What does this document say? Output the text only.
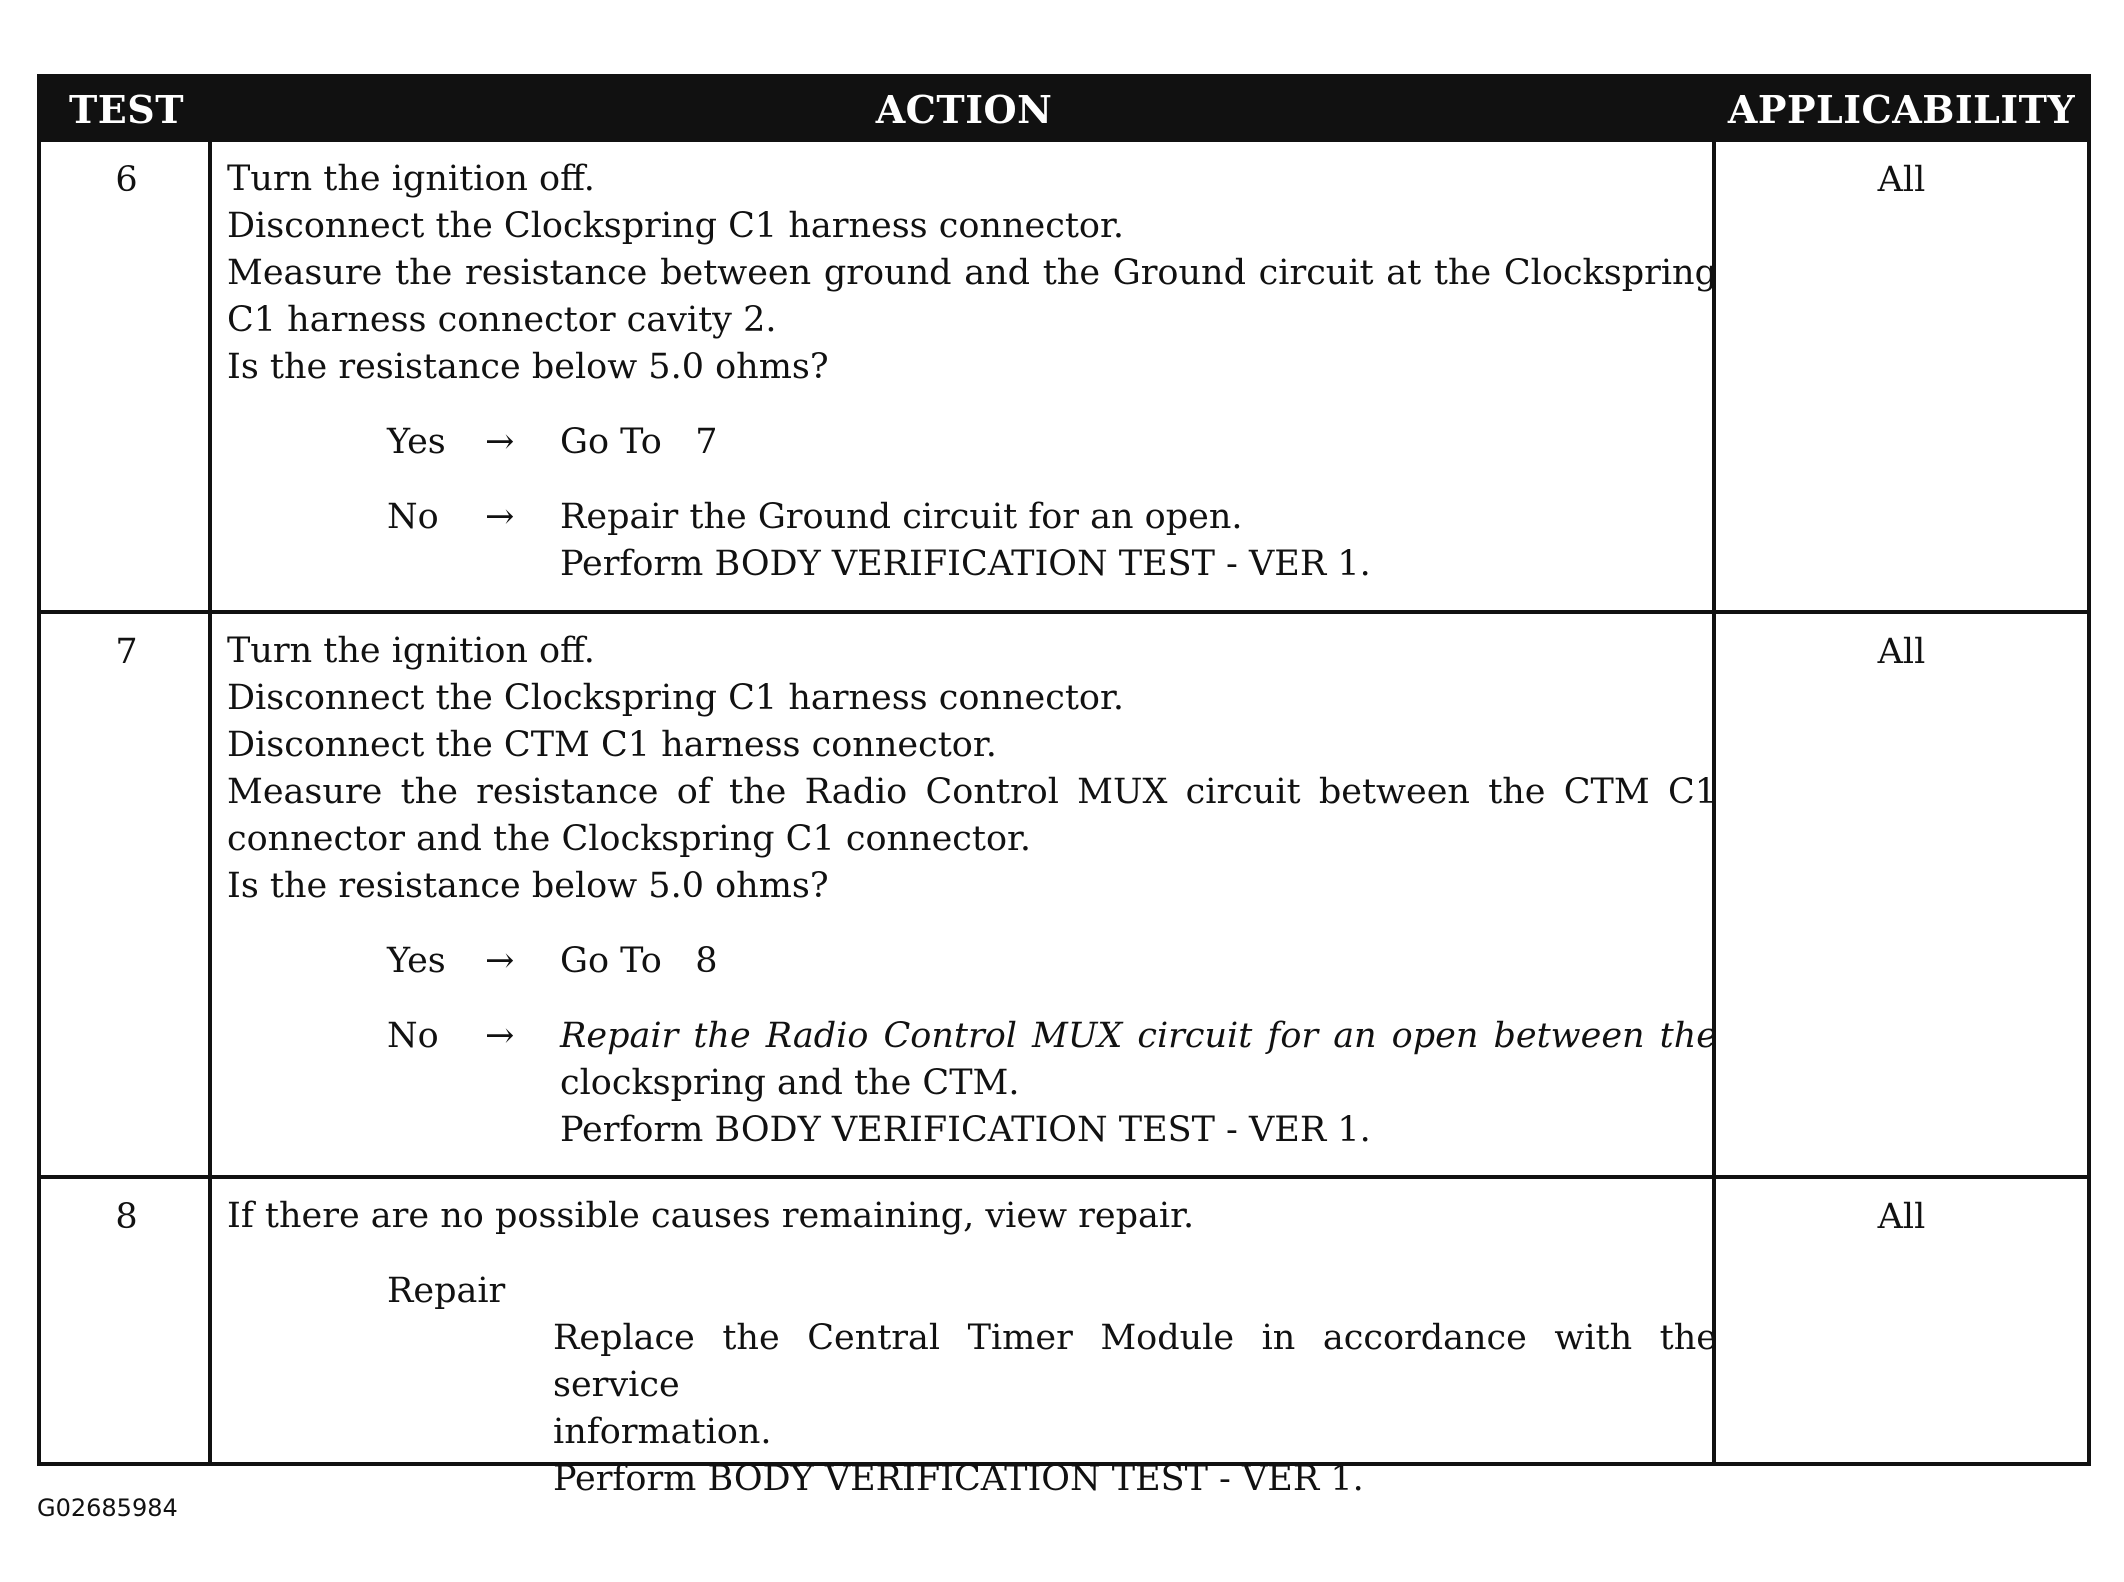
TEST	ACTION	APPLICABILITY
6	Turn the ignition off.
Disconnect the Clockspring C1 harness connector.
Measure the resistance between ground and the Ground circuit at the Clockspring
C1 harness connector cavity 2.
Is the resistance below 5.0 ohms?
Yes → Go To   7
No → Repair the Ground circuit for an open.
Perform BODY VERIFICATION TEST - VER 1.
All
7	Turn the ignition off.
Disconnect the Clockspring C1 harness connector.
Disconnect the CTM C1 harness connector.
Measure the resistance of the Radio Control MUX circuit between the CTM C1
connector and the Clockspring C1 connector.
Is the resistance below 5.0 ohms?
Yes → Go To   8
No → Repair the Radio Control MUX circuit for an open between the
clockspring and the CTM.
Perform BODY VERIFICATION TEST - VER 1.
All
8	If there are no possible causes remaining, view repair.
Repair
Replace the Central Timer Module in accordance with the service
information.
Perform BODY VERIFICATION TEST - VER 1.
All
G02685984
